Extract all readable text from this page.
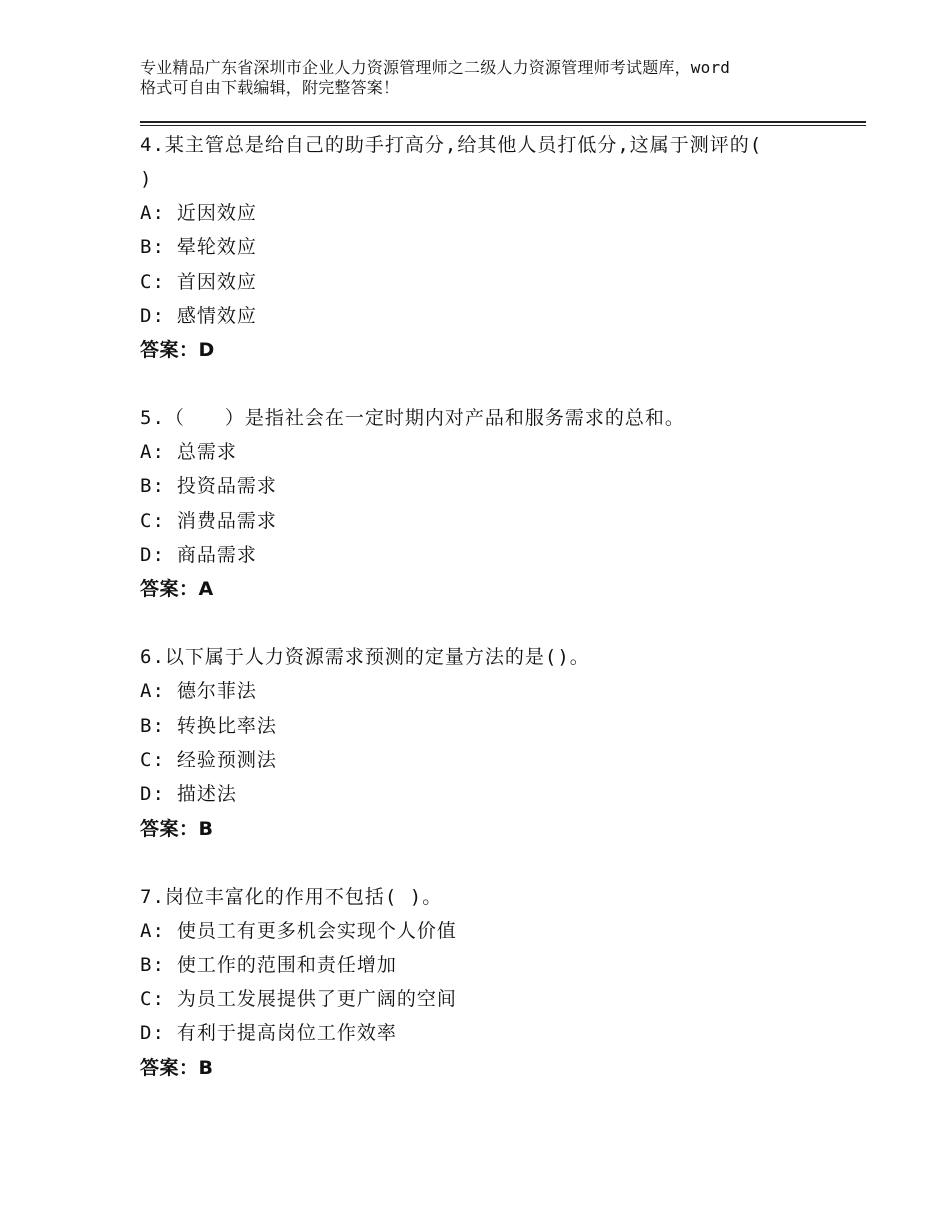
专业精品广东省深圳市企业人力资源管理师之二级人力资源管理师考试题库，word
格式可自由下载编辑，附完整答案！
4.某主管总是给自己的助手打高分,给其他人员打低分,这属于测评的(
)
A: 近因效应
B: 晕轮效应
C: 首因效应
D: 感情效应
答案：D
5.（　　）是指社会在一定时期内对产品和服务需求的总和。
A: 总需求
B: 投资品需求
C: 消费品需求
D: 商品需求
答案：A
6.以下属于人力资源需求预测的定量方法的是()。
A: 德尔菲法
B: 转换比率法
C: 经验预测法
D: 描述法
答案：B
7.岗位丰富化的作用不包括( )。
A: 使员工有更多机会实现个人价值
B: 使工作的范围和责任增加
C: 为员工发展提供了更广阔的空间
D: 有利于提高岗位工作效率
答案：B
